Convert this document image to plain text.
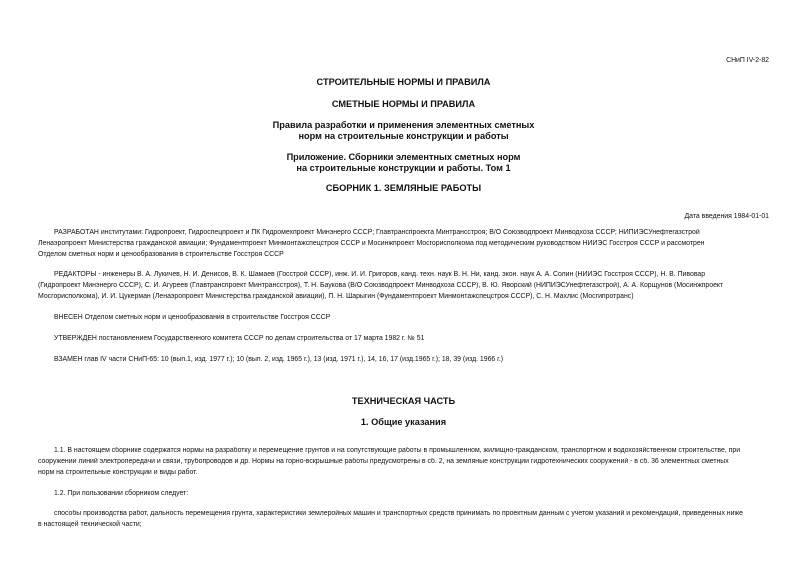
СНиП IV-2-82
СТРОИТЕЛЬНЫЕ НОРМЫ И ПРАВИЛА
СМЕТНЫЕ НОРМЫ И ПРАВИЛА
Правила разработки и применения элементных сметных
норм на строительные конструкции и работы
Приложение. Сборники элементных сметных норм
на строительные конструкции и работы. Том 1
СБОРНИК 1. ЗЕМЛЯНЫЕ РАБОТЫ
Дата введения 1984-01-01
РАЗРАБОТАН институтами: Гидропроект, Гидроспецпроект и ПК Гидромехпроект Минэнерго СССР; Главтранспроекта Минтрансстроя; В/О Союзводпроект Минводхоза СССР; НИПИЭСУнефтегазстрой
Ленаэропроект Министерства гражданской авиации; Фундаментпроект Минмонтажспецстроя СССР и Мосинжпроект Мосгорисполкома под методическим руководством НИИЭС Госстроя СССР и рассмотрен
Отделом сметных норм и ценообразования в строительстве Госстроя СССР
РЕДАКТОРЫ - инженеры В. А. Лукичев, Н. И. Денисов, В. К. Шамаев (Госстрой СССР), инж. И. И. Григоров, канд. техн. наук В. Н. Ни, канд. экон. наук А. А. Солин (НИИЭС Госстроя СССР), Н. В. Пивовар
(Гидропроект Минэнерго СССР), С. И. Агуреев (Главтранспроект Минтрансстроя), Т. Н. Баукова (В/О Союзводпроект Минводхоза СССР), В. Ю. Яворский (НИПИЭСУнефтегазстрой), А. А. Корщунов (Мосинжпроект
Мосгорисполкома), И. И. Цукерман (Ленаэропроект Министерства гражданской авиации), П. Н. Шарыгин (Фундаментпроект Минмонтажспецстроя СССР), С. Н. Махлис (Мосгипротранс)
ВНЕСЕН Отделом сметных норм и ценообразования в строительстве Госстроя СССР
УТВЕРЖДЕН постановлением Государственного комитета СССР по делам строительства от 17 марта 1982 г. № 51
ВЗАМЕН глав IV части СНиП-65: 10 (вып.1, изд. 1977 г.); 10 (вып. 2, изд. 1965 г.), 13 (изд. 1971 г.), 14, 16, 17 (изд.1965 г.); 18, 39 (изд. 1966 г.)
ТЕХНИЧЕСКАЯ ЧАСТЬ
1. Общие указания
1.1. В настоящем сборнике содержатся нормы на разработку и перемещение грунтов и на сопутствующие работы в промышленном, жилищно-гражданском, транспортном и водохозяйственном строительстве, при
сооружении линий электропередачи и связи, трубопроводов и др. Нормы на горно-вскрышные работы предусмотрены в сб. 2, на земляные конструкции гидротехнических сооружений - в сб. 36 элементных сметных
норм на строительные конструкции и виды работ.
1.2. При пользовании сборником следует:
способы производства работ, дальность перемещения грунта, характеристики землеройных машин и транспортных средств принимать по проектным данным с учетом указаний и рекомендаций, приведенных ниже
в настоящей технической части;
